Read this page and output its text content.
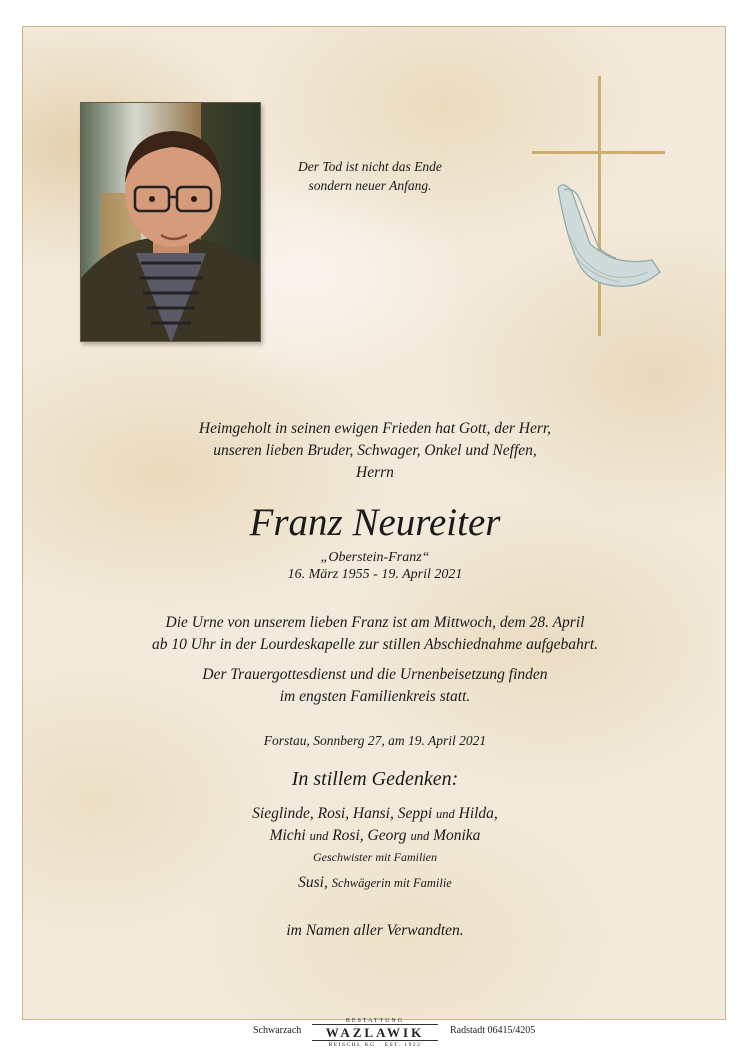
Der Tod ist nicht das Ende
sondern neuer Anfang.
Heimgeholt in seinen ewigen Frieden hat Gott, der Herr,
unseren lieben Bruder, Schwager, Onkel und Neffen,
Herrn
Franz Neureiter
„Oberstein-Franz“
16. März 1955 - 19. April 2021
Die Urne von unserem lieben Franz ist am Mittwoch, dem 28. April
ab 10 Uhr in der Lourdeskapelle zur stillen Abschiednahme aufgebahrt.
Der Trauergottesdienst und die Urnenbeisetzung finden
im engsten Familienkreis statt.
Forstau, Sonnberg 27, am 19. April 2021
In stillem Gedenken:
Sieglinde, Rosi, Hansi, Seppi und Hilda,
Michi und Rosi, Georg und Monika
Geschwister mit Familien
Susi, Schwägerin mit Familie
im Namen aller Verwandten.
Schwarzach
BESTATTUNG
WAZLAWIK
REISCHL KG · EST. 1922
Radstadt 06415/4205
